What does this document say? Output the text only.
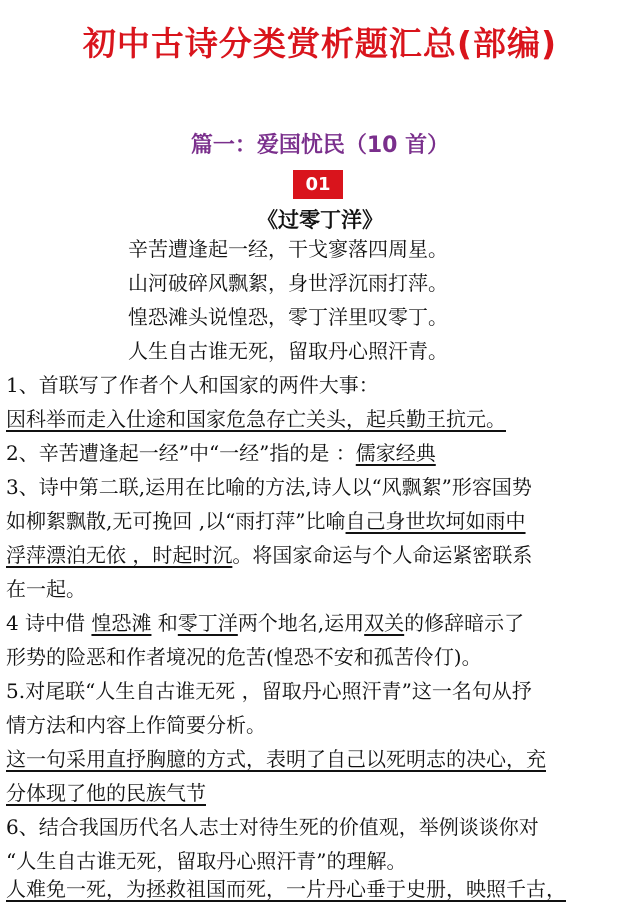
初中古诗分类赏析题汇总(部编)
篇一：爱国忧民（10 首）
01
《过零丁洋》
辛苦遭逢起一经，干戈寥落四周星。
山河破碎风飘絮，身世浮沉雨打萍。
惶恐滩头说惶恐，零丁洋里叹零丁。
人生自古谁无死，留取丹心照汗青。
1、首联写了作者个人和国家的两件大事：
因科举而走入仕途和国家危急存亡关头，起兵勤王抗元。
2、辛苦遭逢起一经”中“一经”指的是 ：儒家经典
3、诗中第二联,运用在比喻的方法,诗人以“风飘絮”形容国势
如柳絮飘散,无可挽回 ,以“雨打萍”比喻自己身世坎坷如雨中
浮萍漂泊无依 ，时起时沉。将国家命运与个人命运紧密联系
在一起。
4 诗中借 惶恐滩 和零丁洋两个地名,运用双关的修辞暗示了
形势的险恶和作者境况的危苦(惶恐不安和孤苦伶仃)。
5.对尾联“人生自古谁无死 ，留取丹心照汗青”这一名句从抒
情方法和内容上作简要分析。
这一句采用直抒胸臆的方式，表明了自己以死明志的决心，充
分体现了他的民族气节
6、结合我国历代名人志士对待生死的价值观，举例谈谈你对
“人生自古谁无死，留取丹心照汗青”的理解。
人难免一死，为拯救祖国而死，一片丹心垂于史册，映照千古，
